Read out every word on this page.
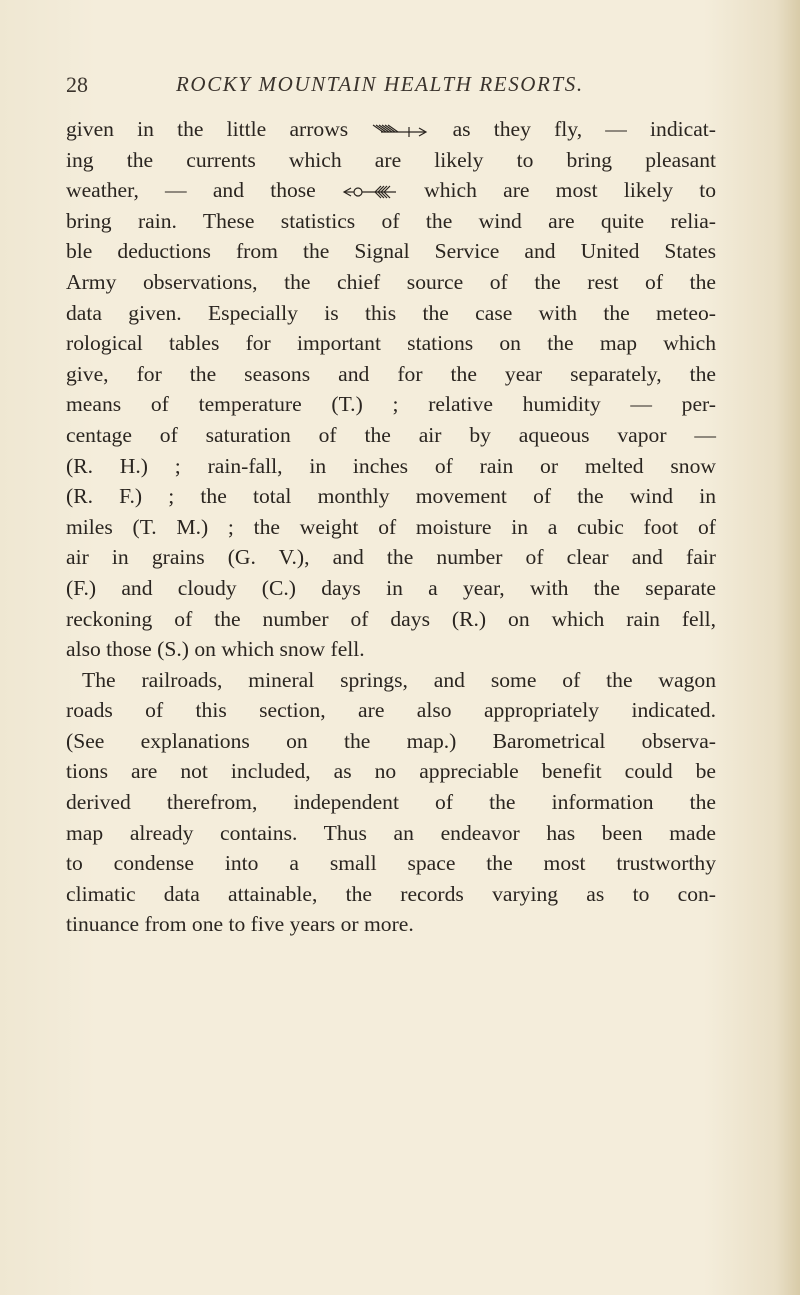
28	ROCKY MOUNTAIN HEALTH RESORTS.
given in the little arrows	as they fly, — indicat-
ing the currents which are likely to bring pleasant
weather, — and those	which are most likely to
bring rain. These statistics of the wind are quite relia-
ble deductions from the Signal Service and United States
Army observations, the chief source of the rest of the
data given. Especially is this the case with the meteo-
rological tables for important stations on the map which
give, for the seasons and for the year separately, the
means of temperature (T.) ; relative humidity — per-
centage of saturation of the air by aqueous vapor —
(R. H.) ; rain-fall, in inches of rain or melted snow
(R. F.) ; the total monthly movement of the wind in
miles (T. M.) ; the weight of moisture in a cubic foot of
air in grains (G. V.), and the number of clear and fair
(F.) and cloudy (C.) days in a year, with the separate
reckoning of the number of days (R.) on which rain fell,
also those (S.) on which snow fell.
The railroads, mineral springs, and some of the wagon
roads of this section, are also appropriately indicated.
(See explanations on the map.) Barometrical observa-
tions are not included, as no appreciable benefit could be
derived therefrom, independent of the information the
map already contains. Thus an endeavor has been made
to condense into a small space the most trustworthy
climatic data attainable, the records varying as to con-
tinuance from one to five years or more.
